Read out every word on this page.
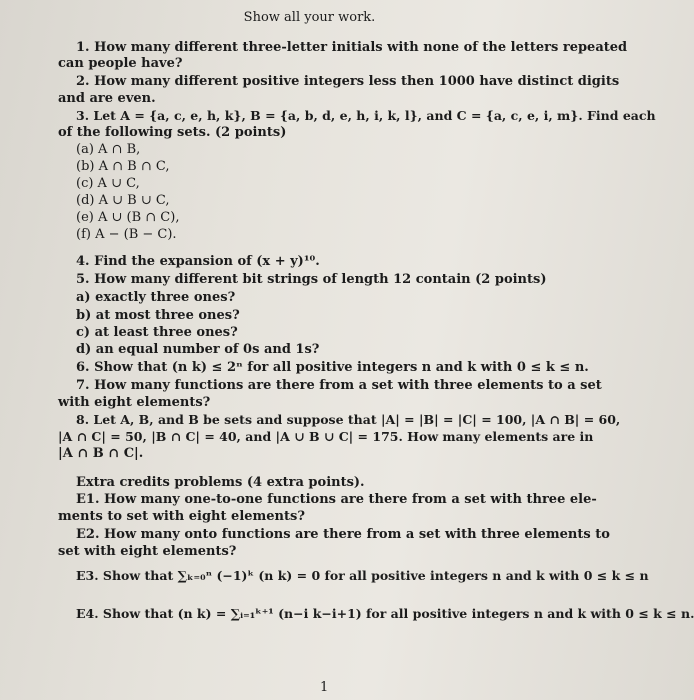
Show all your work.
1. How many different three-letter initials with none of the letters repeated
can people have?
2. How many different positive integers less then 1000 have distinct digits
and are even.
3. Let A = {a, c, e, h, k}, B = {a, b, d, e, h, i, k, l}, and C = {a, c, e, i, m}. Find each
of the following sets. (2 points)
(a) A ∩ B,
(b) A ∩ B ∩ C,
(c) A ∪ C,
(d) A ∪ B ∪ C,
(e) A ∪ (B ∩ C),
(f) A − (B − C).
4. Find the expansion of (x + y)¹⁰.
5. How many different bit strings of length 12 contain (2 points)
a) exactly three ones?
b) at most three ones?
c) at least three ones?
d) an equal number of 0s and 1s?
6. Show that (n k) ≤ 2ⁿ for all positive integers n and k with 0 ≤ k ≤ n.
7. How many functions are there from a set with three elements to a set
with eight elements?
8. Let A, B, and B be sets and suppose that |A| = |B| = |C| = 100, |A ∩ B| = 60,
|A ∩ C| = 50, |B ∩ C| = 40, and |A ∪ B ∪ C| = 175. How many elements are in
|A ∩ B ∩ C|.
Extra credits problems (4 extra points).
E1. How many one-to-one functions are there from a set with three ele-
ments to set with eight elements?
E2. How many onto functions are there from a set with three elements to
set with eight elements?
E3. Show that ∑ₖ₌₀ⁿ (−1)ᵏ (n k) = 0 for all positive integers n and k with 0 ≤ k ≤ n
E4. Show that (n k) = ∑ᵢ₌₁ᵏ⁺¹ (n−i k−i+1) for all positive integers n and k with 0 ≤ k ≤ n.
1
